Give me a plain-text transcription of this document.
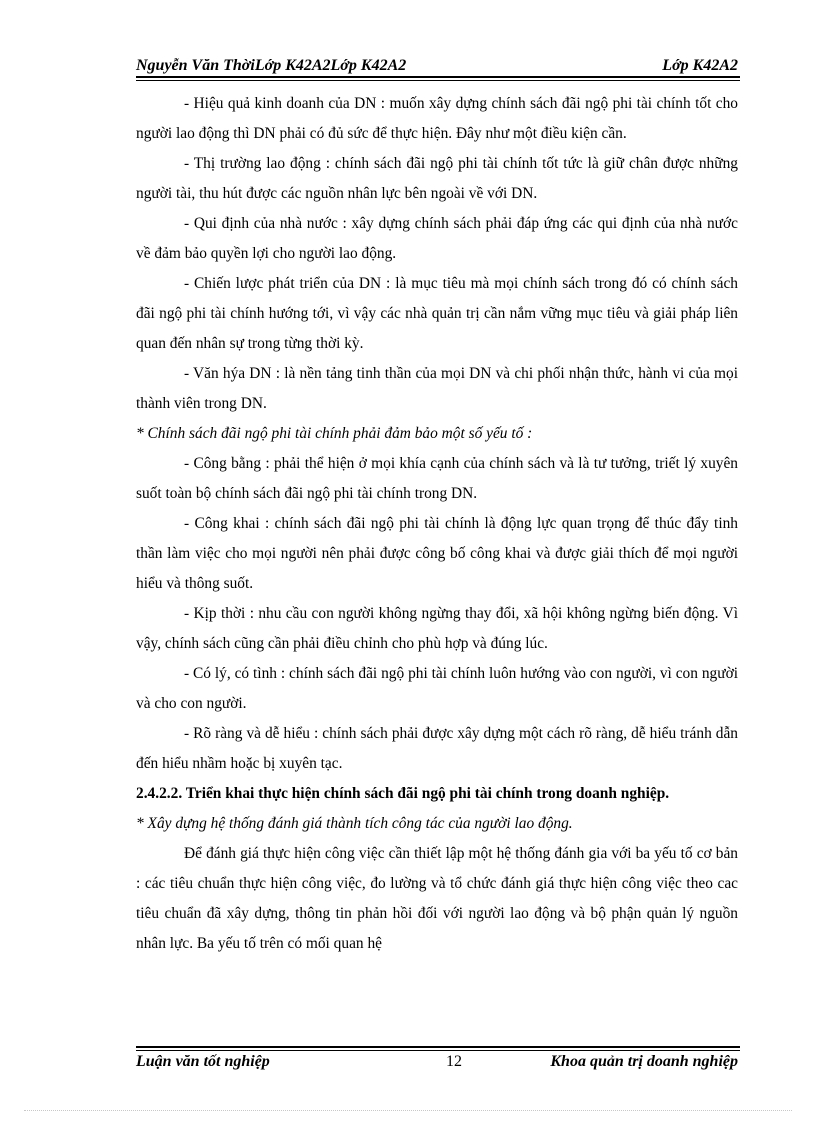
Nguyễn Văn ThờiLớp K42A2Lớp K42A2	Lớp K42A2

- Hiệu quả kinh doanh của DN : muốn xây dựng chính sách đãi ngộ phi tài chính tốt cho người lao động thì DN phải có đủ sức để thực hiện. Đây như một điều kiện cần.

- Thị trường lao động : chính sách đãi ngộ phi tài chính tốt tức là giữ chân được những người tài, thu hút được các nguồn nhân lực bên ngoài về với DN.

- Qui định của nhà nước : xây dựng chính sách phải đáp ứng các qui định của nhà nước về đảm bảo quyền lợi cho người lao động.

- Chiến lược phát triển của DN : là mục tiêu mà mọi chính sách trong đó có chính sách đãi ngộ phi tài chính hướng tới, vì vậy các nhà quản trị cần nắm vững mục tiêu và giải pháp liên quan đến nhân sự trong từng thời kỳ.

- Văn hýa DN : là nền tảng tinh thần của mọi DN và chi phối nhận thức, hành vi của mọi thành viên trong DN.

* Chính sách đãi ngộ phi tài chính phải đảm bảo một số yếu tố :

- Công bằng : phải thể hiện ở mọi khía cạnh của chính sách và là tư tưởng, triết lý xuyên suốt toàn bộ chính sách đãi ngộ phi tài chính trong DN.

- Công khai : chính sách đãi ngộ phi tài chính là động lực quan trọng để thúc đẩy tinh thần làm việc cho mọi người nên phải được công bố công khai và được giải thích để mọi người hiểu và thông suốt.

- Kịp thời : nhu cầu con người không ngừng thay đổi, xã hội không ngừng biến động. Vì vậy, chính sách cũng cần phải điều chỉnh cho phù hợp và đúng lúc.

- Có lý, có tình : chính sách đãi ngộ phi tài chính luôn hướng vào con người, vì con người và cho con người.

- Rõ ràng và dễ hiểu : chính sách phải được xây dựng một cách rõ ràng, dễ hiểu tránh dẫn đến hiểu nhầm hoặc bị xuyên tạc.

2.4.2.2. Triển khai thực hiện chính sách đãi ngộ phi tài chính trong doanh nghiệp.

* Xây dựng hệ thống đánh giá thành tích công tác của người lao động.

Để đánh giá thực hiện công việc cần thiết lập một hệ thống đánh gia với ba yếu tố cơ bản : các tiêu chuẩn thực hiện công việc, đo lường và tổ chức đánh giá thực hiện công việc theo cac tiêu chuẩn đã xây dựng, thông tin phản hồi đối với người lao động và bộ phận quản lý nguồn nhân lực. Ba yếu tố trên có mối quan hệ

Luận văn tốt nghiệp	12	Khoa quản trị doanh nghiệp
